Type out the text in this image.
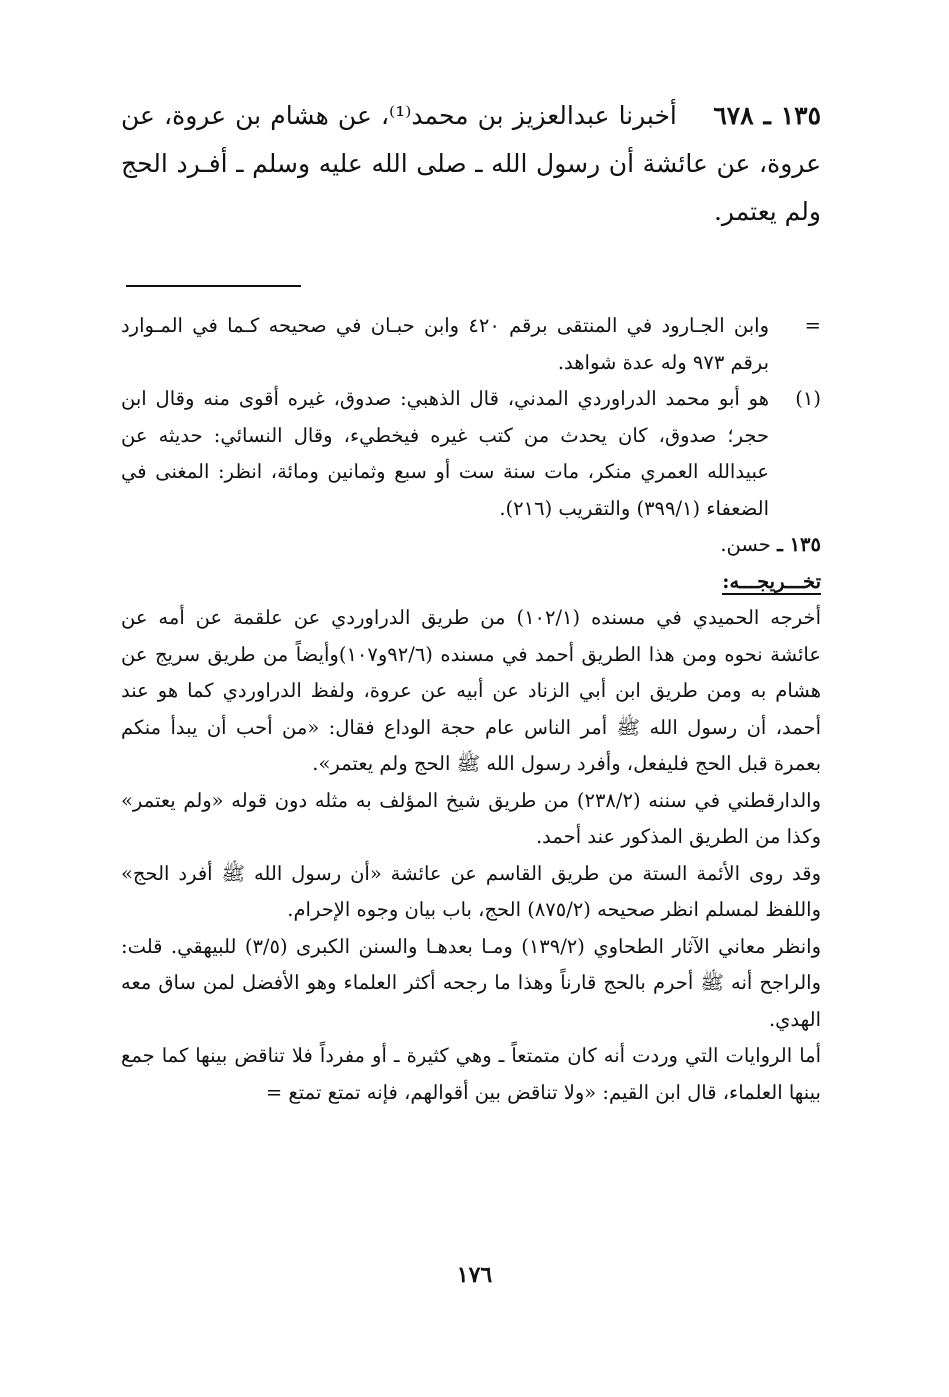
١٣٥ ـ ٦٧٨    أخبرنا عبدالعزيز بن محمد⁽¹⁾، عن هشام بن عروة، عن عروة، عن عائشة أن رسول الله ـ صلى الله عليه وسلم ـ أفـرد الحج ولم يعتمر.

=
وابن الجـارود في المنتقى برقم ٤٢٠ وابن حبـان في صحيحه كـما في المـوارد برقم ٩٧٣ وله عدة شواهد.

(١)
هو أبو محمد الدراوردي المدني، قال الذهبي: صدوق، غيره أقوى منه وقال ابن حجر؛ صدوق، كان يحدث من كتب غيره فيخطيء، وقال النسائي: حديثه عن عبيدالله العمري منكر، مات سنة ست أو سبع وثمانين ومائة، انظر: المغنى في الضعفاء (٣٩٩/١) والتقريب (٢١٦).

١٣٥ ـ حسن.

تخـــريجـــه:

أخرجه الحميدي في مسنده (١٠٢/١) من طريق الدراوردي عن علقمة عن أمه عن عائشة نحوه ومن هذا الطريق أحمد في مسنده (٩٢/٦و١٠٧)وأيضاً من طريق سريج عن هشام به ومن طريق ابن أبي الزناد عن أبيه عن عروة، ولفظ الدراوردي كما هو عند أحمد، أن رسول الله ﷺ أمر الناس عام حجة الوداع فقال: «من أحب أن يبدأ منكم بعمرة قبل الحج فليفعل، وأفرد رسول الله ﷺ الحج ولم يعتمر».

والدارقطني في سننه (٢٣٨/٢) من طريق شيخ المؤلف به مثله دون قوله «ولم يعتمر» وكذا من الطريق المذكور عند أحمد.

وقد روى الأئمة الستة من طريق القاسم عن عائشة «أن رسول الله ﷺ أفرد الحج» واللفظ لمسلم انظر صحيحه (٨٧٥/٢) الحج، باب بيان وجوه الإحرام.

وانظر معاني الآثار الطحاوي (١٣٩/٢) ومـا بعدهـا والسنن الكبرى (٣/٥) للبيهقي. قلت: والراجح أنه ﷺ أحرم بالحج قارناً وهذا ما رجحه أكثر العلماء وهو الأفضل لمن ساق معه الهدي.

أما الروايات التي وردت أنه كان متمتعاً ـ وهي كثيرة ـ أو مفرداً فلا تناقض بينها كما جمع بينها العلماء، قال ابن القيم: «ولا تناقض بين أقوالهم، فإنه تمتع تمتع =

١٧٦
